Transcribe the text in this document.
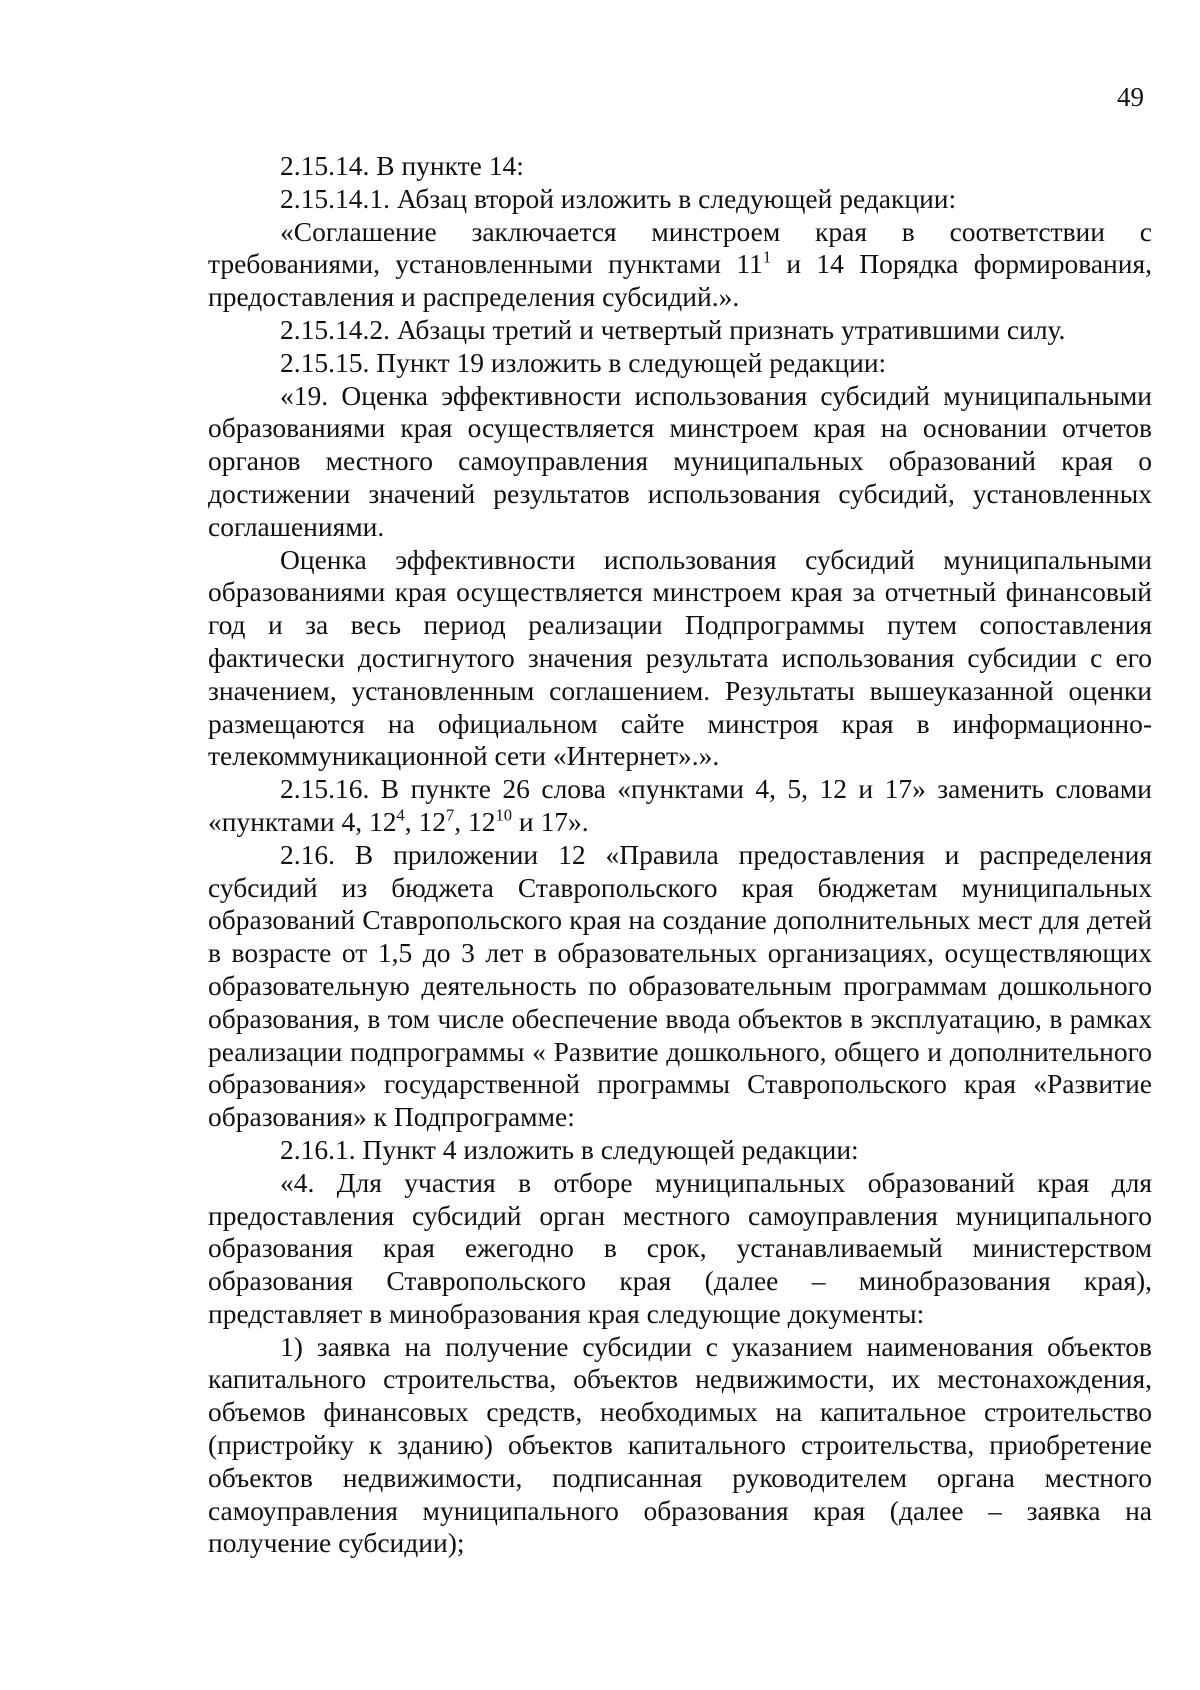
49

2.15.14. В пункте 14:

2.15.14.1. Абзац второй изложить в следующей редакции:

«Соглашение заключается минстроем края в соответствии с требованиями, установленными пунктами $11^1$ и 14 Порядка формирования, предоставления и распределения субсидий.».

2.15.14.2. Абзацы третий и четвертый признать утратившими силу.

2.15.15. Пункт 19 изложить в следующей редакции:

«19. Оценка эффективности использования субсидий муниципальными образованиями края осуществляется минстроем края на основании отчетов органов местного самоуправления муниципальных образований края о достижении значений результатов использования субсидий, установленных соглашениями.

Оценка эффективности использования субсидий муниципальными образованиями края осуществляется минстроем края за отчетный финансовый год и за весь период реализации Подпрограммы путем сопоставления фактически достигнутого значения результата использования субсидии с его значением, установленным соглашением. Результаты вышеуказанной оценки размещаются на официальном сайте минстроя края в информационно-телекоммуникационной сети «Интернет».».

2.15.16. В пункте 26 слова «пунктами 4, 5, 12 и 17» заменить словами «пунктами 4, $12^4$, $12^7$, $12^{10}$ и 17».

2.16. В приложении 12 «Правила предоставления и распределения субсидий из бюджета Ставропольского края бюджетам муниципальных образований Ставропольского края на создание дополнительных мест для детей в возрасте от 1,5 до 3 лет в образовательных организациях, осуществляющих образовательную деятельность по образовательным программам дошкольного образования, в том числе обеспечение ввода объектов в эксплуатацию, в рамках реализации подпрограммы « Развитие дошкольного, общего и дополнительного образования» государственной программы Ставропольского края «Развитие образования» к Подпрограмме:

2.16.1. Пункт 4 изложить в следующей редакции:

«4. Для участия в отборе муниципальных образований края для предоставления субсидий орган местного самоуправления муниципального образования края ежегодно в срок, устанавливаемый министерством образования Ставропольского края (далее – минобразования края), представляет в минобразования края следующие документы:

1) заявка на получение субсидии с указанием наименования объектов капитального строительства, объектов недвижимости, их местонахождения, объемов финансовых средств, необходимых на капитальное строительство (пристройку к зданию) объектов капитального строительства, приобретение объектов недвижимости, подписанная руководителем органа местного самоуправления муниципального образования края (далее – заявка на получение субсидии);
